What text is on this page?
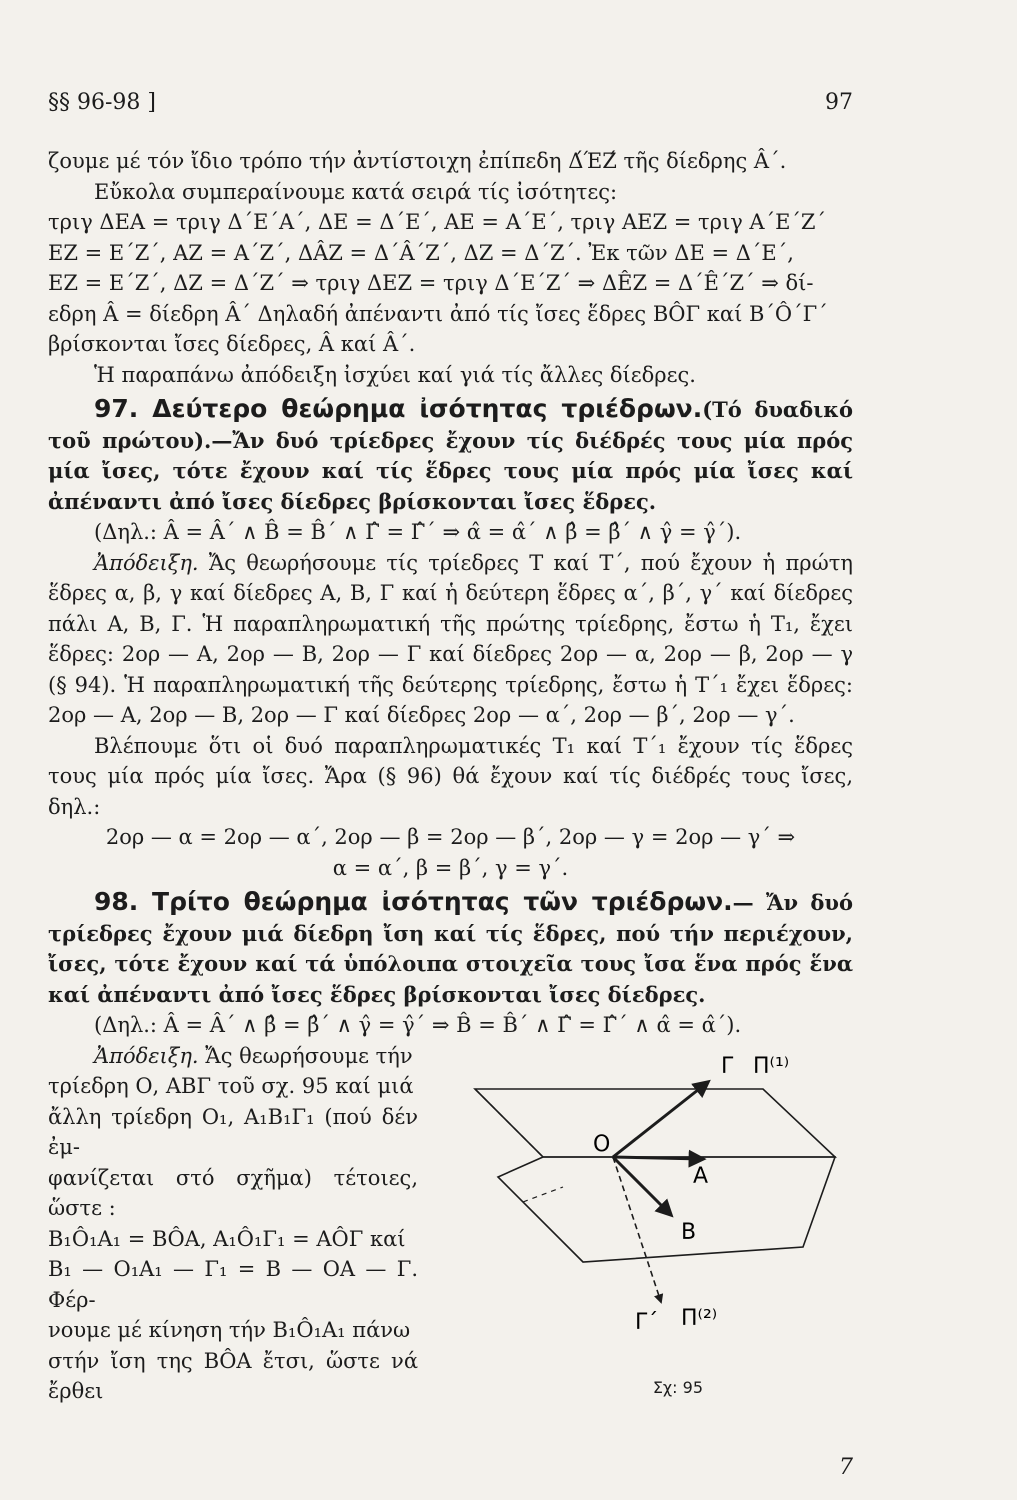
§§ 96-98 ]	97

ζουμε μέ τόν ἴδιο τρόπο τήν ἀντίστοιχη ἐπίπεδη Δ́ΈΖ́ τῆς δίεδρης Â΄.

Εὔκολα συμπεραίνουμε κατά σειρά τίς ἰσότητες:

τριγ ΔΕΑ = τριγ Δ΄Ε΄Α΄, ΔΕ = Δ΄Ε΄, ΑΕ = Α΄Ε΄, τριγ ΑΕΖ = τριγ Α΄Ε΄Ζ΄

ΕΖ = Ε΄Ζ΄, ΑΖ = Α΄Ζ΄, ΔÂΖ = Δ΄Â΄Ζ΄, ΔΖ = Δ΄Ζ΄. Ἐκ τῶν ΔΕ = Δ΄Ε΄,

ΕΖ = Ε΄Ζ΄, ΔΖ = Δ΄Ζ΄ ⇒ τριγ ΔΕΖ = τριγ Δ΄Ε΄Ζ΄ ⇒ ΔÊΖ = Δ΄Ê΄Ζ΄ ⇒ δί-

εδρη Â = δίεδρη Â΄ Δηλαδή ἀπέναντι ἀπό τίς ἴσες ἕδρες ΒÔΓ καί Β΄Ô΄Γ΄

βρίσκονται ἴσες δίεδρες, Â καί Â΄.

Ἡ παραπάνω ἀπόδειξη ἰσχύει καί γιά τίς ἄλλες δίεδρες.

97. Δεύτερο θεώρημα ἰσότητας τριέδρων.(Τό δυαδικό τοῦ πρώτου).—Ἄν δυό τρίεδρες ἔχουν τίς διέδρές τους μία πρός μία ἴσες, τότε ἔχουν καί τίς ἕδρες τους μία πρός μία ἴσες καί ἀπέναντι ἀπό ἴσες δίεδρες βρίσκονται ἴσες ἕδρες.

(Δηλ.: Â = Â΄ ∧ B̂ = B̂΄ ∧ Γ̂ = Γ̂΄ ⇒ α̂ = α̂΄ ∧ β̂ = β̂΄ ∧ γ̂ = γ̂΄).

Ἀπόδειξη. Ἄς θεωρήσουμε τίς τρίεδρες Τ καί Τ΄, πού ἔχουν ἡ πρώτη ἕδρες α, β, γ καί δίεδρες Α, Β, Γ καί ἡ δεύτερη ἕδρες α΄, β΄, γ΄ καί δίεδρες πάλι Α, Β, Γ. Ἡ παραπληρωματική τῆς πρώτης τρίεδρης, ἔστω ἡ Τ₁, ἔχει ἕδρες: 2ορ — Α, 2ορ — Β, 2ορ — Γ καί δίεδρες 2ορ — α, 2ορ — β, 2ορ — γ (§ 94). Ἡ παραπληρωματική τῆς δεύτερης τρίεδρης, ἔστω ἡ Τ΄₁ ἔχει ἕδρες: 2ορ — Α, 2ορ — Β, 2ορ — Γ καί δίεδρες 2ορ — α΄, 2ορ — β΄, 2ορ — γ΄.

Βλέπουμε ὅτι οἱ δυό παραπληρωματικές Τ₁ καί Τ΄₁ ἔχουν τίς ἕδρες τους μία πρός μία ἴσες. Ἄρα (§ 96) θά ἔχουν καί τίς διέδρές τους ἴσες, δηλ.:

2ορ — α = 2ορ — α΄, 2ορ — β = 2ορ — β΄, 2ορ — γ = 2ορ — γ΄ ⇒

α = α΄, β = β΄, γ = γ΄.

98. Τρίτο θεώρημα ἰσότητας τῶν τριέδρων.— Ἄν δυό τρίεδρες ἔχουν μιά δίεδρη ἴση καί τίς ἕδρες, πού τήν περιέχουν, ἴσες, τότε ἔχουν καί τά ὑπόλοιπα στοιχεῖα τους ἴσα ἕνα πρός ἕνα καί ἀπέναντι ἀπό ἴσες ἕδρες βρίσκονται ἴσες δίεδρες.

(Δηλ.: Â = Â΄ ∧ β̂ = β̂΄ ∧ γ̂ = γ̂΄ ⇒ B̂ = B̂΄ ∧ Γ̂ = Γ̂΄ ∧ α̂ = α̂΄).

Ἀπόδειξη. Ἄς θεωρήσουμε τήν

τρίεδρη Ο, ΑΒΓ τοῦ σχ. 95 καί μιά

ἄλλη τρίεδρη Ο₁, Α₁Β₁Γ₁ (πού δέν ἐμ-

φανίζεται στό σχῆμα) τέτοιες, ὥστε :

Β₁Ô₁Α₁ = ΒÔΑ, Α₁Ô₁Γ₁ = ΑÔΓ καί

Β₁ — Ο₁Α₁ — Γ₁ = Β — ΟΑ — Γ. Φέρ-

νουμε μέ κίνηση τήν Β₁Ô₁Α₁ πάνω

στήν ἴση της ΒÔΑ ἔτσι, ὥστε νά ἔρθει

Ο
Α
Β
Γ
Γ΄
Π⁽¹⁾
Π⁽²⁾
Σχ: 95
7
